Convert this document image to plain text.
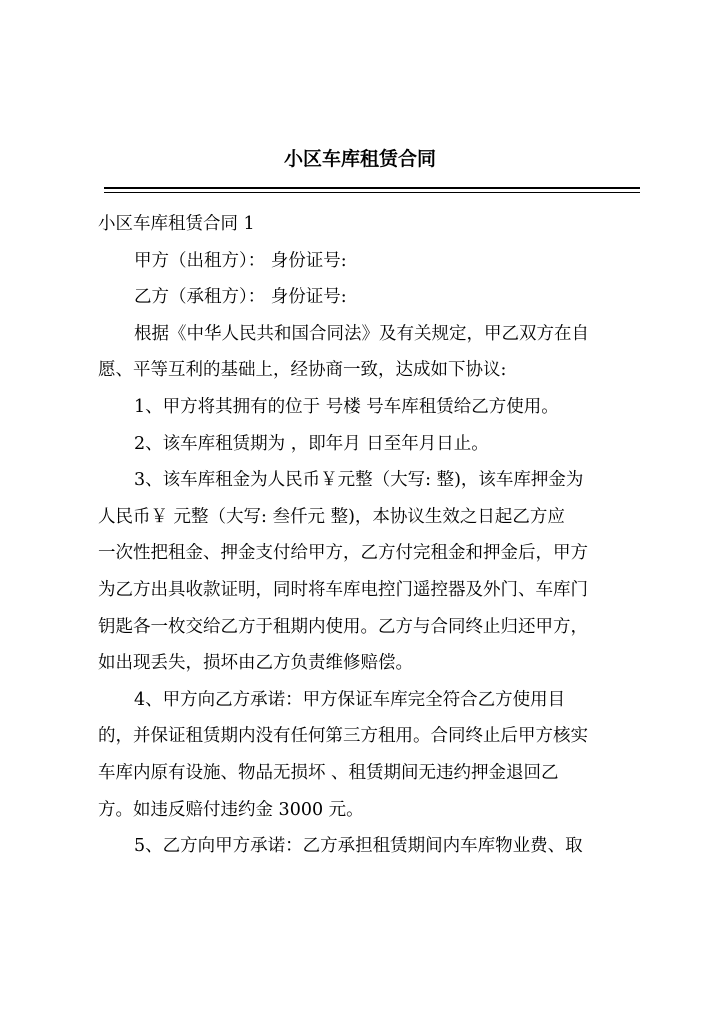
小区车库租赁合同
小区车库租赁合同 1
甲方（出租方）： 身份证号:
乙方（承租方）： 身份证号:
根据《中华人民共和国合同法》及有关规定，甲乙双方在自
愿、平等互利的基础上，经协商一致，达成如下协议:
1、甲方将其拥有的位于 号楼 号车库租赁给乙方使用。
2、该车库租赁期为 ，即年月 日至年月日止。
3、该车库租金为人民币￥元整（大写: 整)，该车库押金为
人民币￥ 元整（大写: 叁仟元 整)，本协议生效之日起乙方应
一次性把租金、押金支付给甲方，乙方付完租金和押金后，甲方
为乙方出具收款证明，同时将车库电控门遥控器及外门、车库门
钥匙各一枚交给乙方于租期内使用。乙方与合同终止归还甲方，
如出现丢失，损坏由乙方负责维修赔偿。
4、甲方向乙方承诺：甲方保证车库完全符合乙方使用目
的，并保证租赁期内没有任何第三方租用。合同终止后甲方核实
车库内原有设施、物品无损坏 、租赁期间无违约押金退回乙
方。如违反赔付违约金 3000 元。
5、乙方向甲方承诺：乙方承担租赁期间内车库物业费、取
